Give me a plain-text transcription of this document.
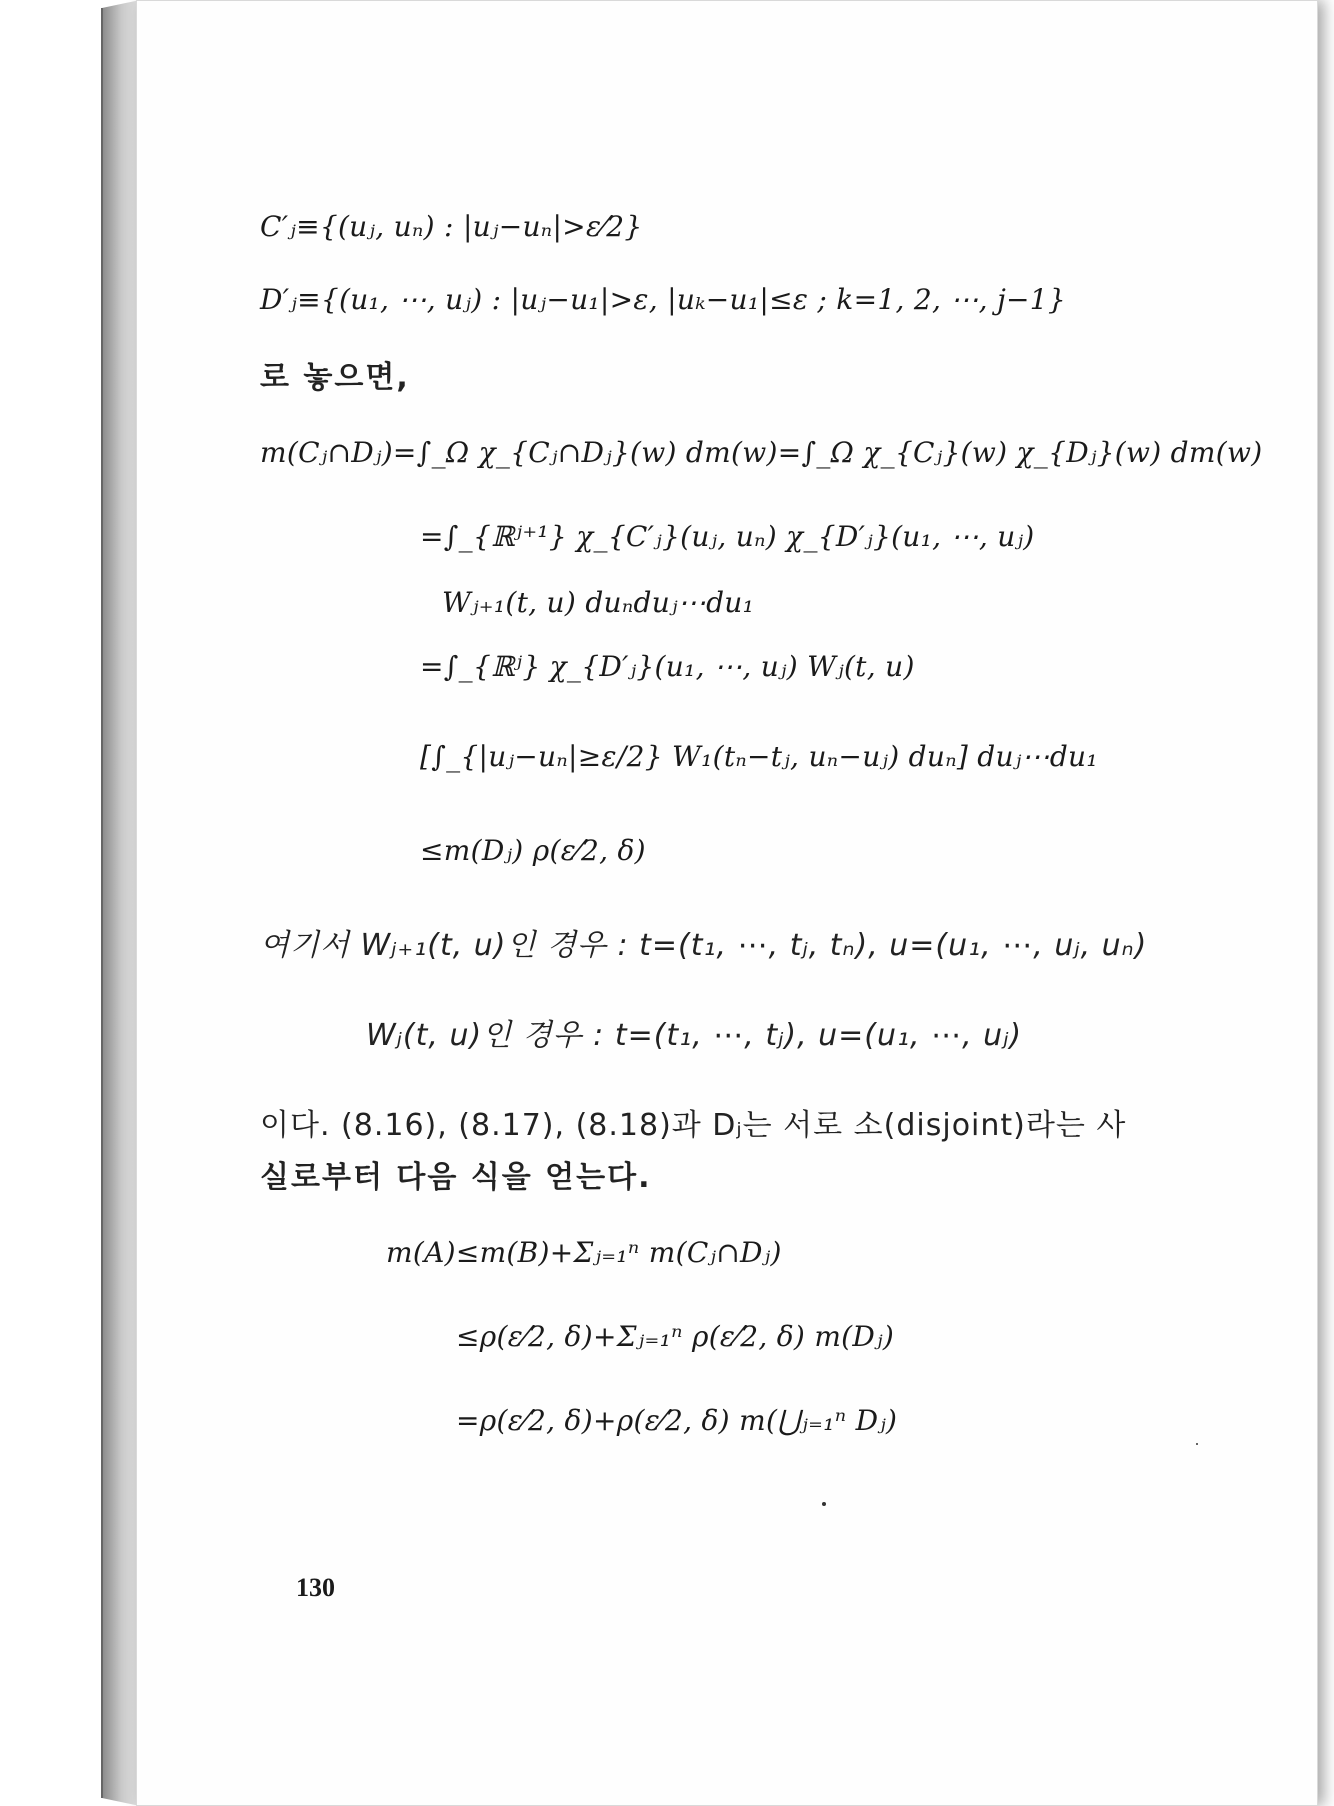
C′ⱼ≡{(uⱼ, uₙ) : |uⱼ−uₙ|>ε⁄2}
D′ⱼ≡{(u₁, ⋯, uⱼ) : |uⱼ−u₁|>ε, |uₖ−u₁|≤ε ; k=1, 2, ⋯, j−1}
로 놓으면,
m(Cⱼ∩Dⱼ)=∫_Ω χ_{Cⱼ∩Dⱼ}(w) dm(w)=∫_Ω χ_{Cⱼ}(w) χ_{Dⱼ}(w) dm(w)
=∫_{ℝʲ⁺¹} χ_{C′ⱼ}(uⱼ, uₙ) χ_{D′ⱼ}(u₁, ⋯, uⱼ)
Wⱼ₊₁(t, u) duₙduⱼ⋯du₁
=∫_{ℝʲ} χ_{D′ⱼ}(u₁, ⋯, uⱼ) Wⱼ(t, u)
[∫_{|uⱼ−uₙ|≥ε/2} W₁(tₙ−tⱼ, uₙ−uⱼ) duₙ] duⱼ⋯du₁
≤m(Dⱼ) ρ(ε⁄2, δ)
여기서 Wⱼ₊₁(t, u)인 경우 : t=(t₁, ⋯, tⱼ, tₙ), u=(u₁, ⋯, uⱼ, uₙ)
Wⱼ(t, u)인 경우 : t=(t₁, ⋯, tⱼ), u=(u₁, ⋯, uⱼ)
이다. (8.16), (8.17), (8.18)과 Dⱼ는 서로 소(disjoint)라는 사
실로부터 다음 식을 얻는다.
m(A)≤m(B)+Σⱼ₌₁ⁿ m(Cⱼ∩Dⱼ)
≤ρ(ε⁄2, δ)+Σⱼ₌₁ⁿ ρ(ε⁄2, δ) m(Dⱼ)
=ρ(ε⁄2, δ)+ρ(ε⁄2, δ) m(⋃ⱼ₌₁ⁿ Dⱼ)
130
